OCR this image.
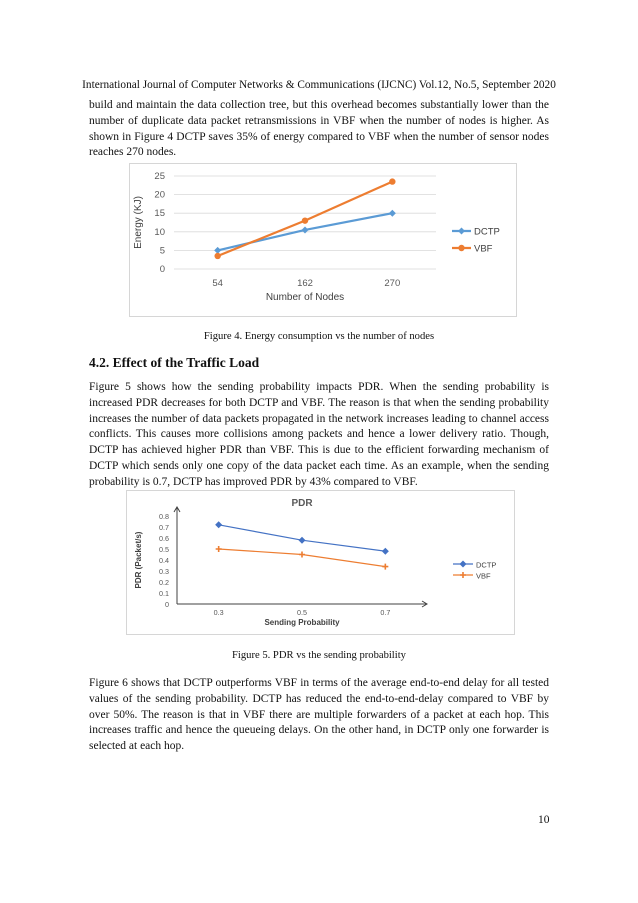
International Journal of Computer Networks & Communications (IJCNC) Vol.12, No.5, September 2020

build and maintain the data collection tree, but this overhead becomes substantially lower than the number of duplicate data packet retransmissions in VBF when the number of nodes is higher. As shown in Figure 4 DCTP saves 35% of energy compared to VBF when the number of sensor nodes reaches 270 nodes.

0
5
10
15
20
25
54	162	270
Number of Nodes
Energy (KJ)	DCTP
VBF
Figure 4. Energy consumption vs the number of nodes
4.2. Effect of the Traffic Load

Figure 5 shows how the sending probability impacts PDR. When the sending probability is increased PDR decreases for both DCTP and VBF. The reason is that when the sending probability increases the number of data packets propagated in the network increases leading to channel access conflicts. This causes more collisions among packets and hence a lower delivery ratio. Though, DCTP has achieved higher PDR than VBF. This is due to the efficient forwarding mechanism of DCTP which sends only one copy of the data packet each time. As an example, when the sending probability is 0.7, DCTP has improved PDR by 43% compared to VBF.

PDR
0
0.1
0.2
0.3
0.4
0.5
0.6
0.7
0.8
0.3	0.5	0.7
Sending Probability
PDR (Packet/s)	DCTP
VBF
Figure 5. PDR vs the sending probability

Figure 6 shows that DCTP outperforms VBF in terms of the average end-to-end delay for all tested values of the sending probability. DCTP has reduced the end-to-end-delay compared to VBF by over 50%. The reason is that in VBF there are multiple forwarders of a packet at each hop. This increases traffic and hence the queueing delays. On the other hand, in DCTP only one forwarder is selected at each hop.

10
